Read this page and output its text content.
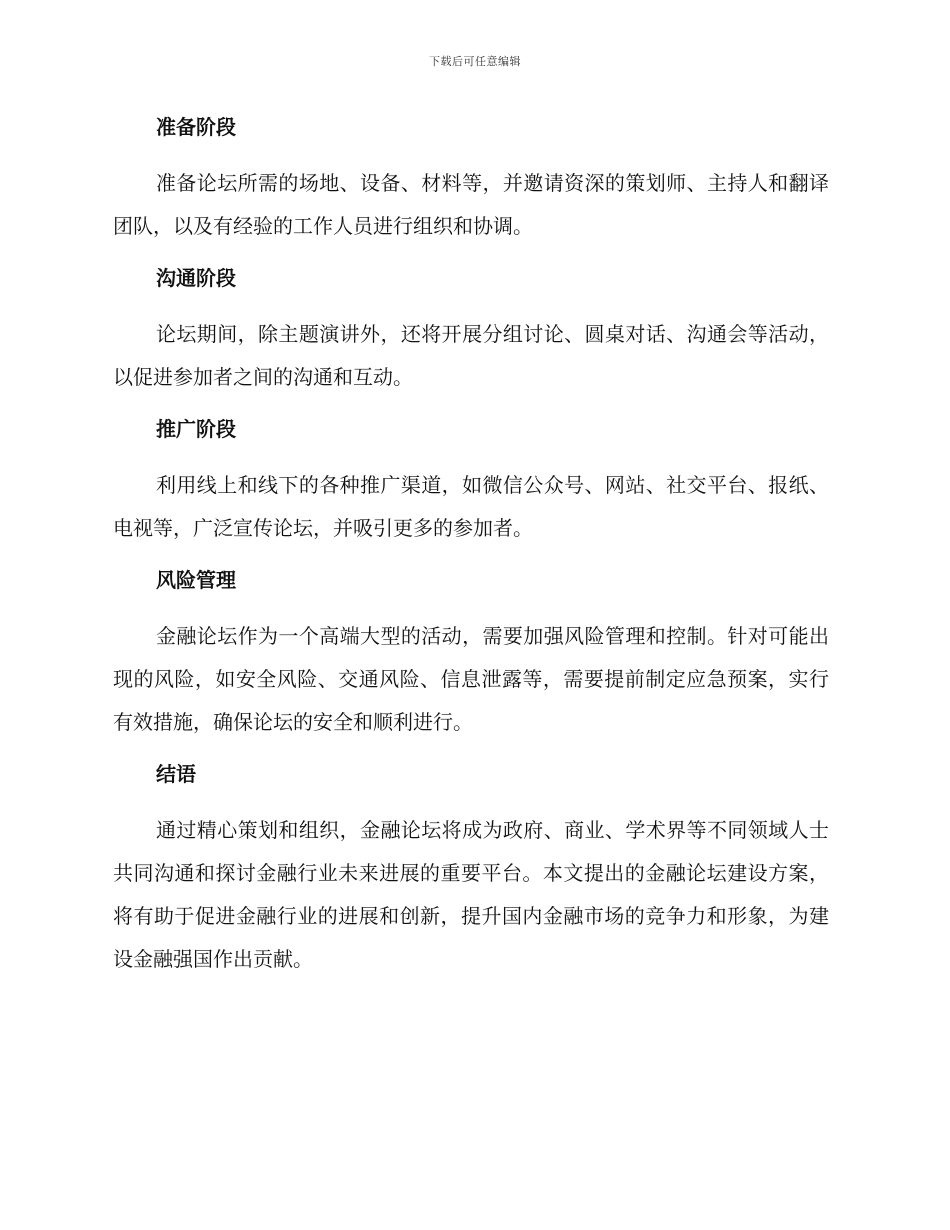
下载后可任意编辑
准备阶段

准备论坛所需的场地、设备、材料等，并邀请资深的策划师、主持人和翻译团队，以及有经验的工作人员进行组织和协调。

沟通阶段

论坛期间，除主题演讲外，还将开展分组讨论、圆桌对话、沟通会等活动，以促进参加者之间的沟通和互动。

推广阶段

利用线上和线下的各种推广渠道，如微信公众号、网站、社交平台、报纸、电视等，广泛宣传论坛，并吸引更多的参加者。

风险管理

金融论坛作为一个高端大型的活动，需要加强风险管理和控制。针对可能出现的风险，如安全风险、交通风险、信息泄露等，需要提前制定应急预案，实行有效措施，确保论坛的安全和顺利进行。

结语

通过精心策划和组织，金融论坛将成为政府、商业、学术界等不同领域人士共同沟通和探讨金融行业未来进展的重要平台。本文提出的金融论坛建设方案，将有助于促进金融行业的进展和创新，提升国内金融市场的竞争力和形象，为建设金融强国作出贡献。
